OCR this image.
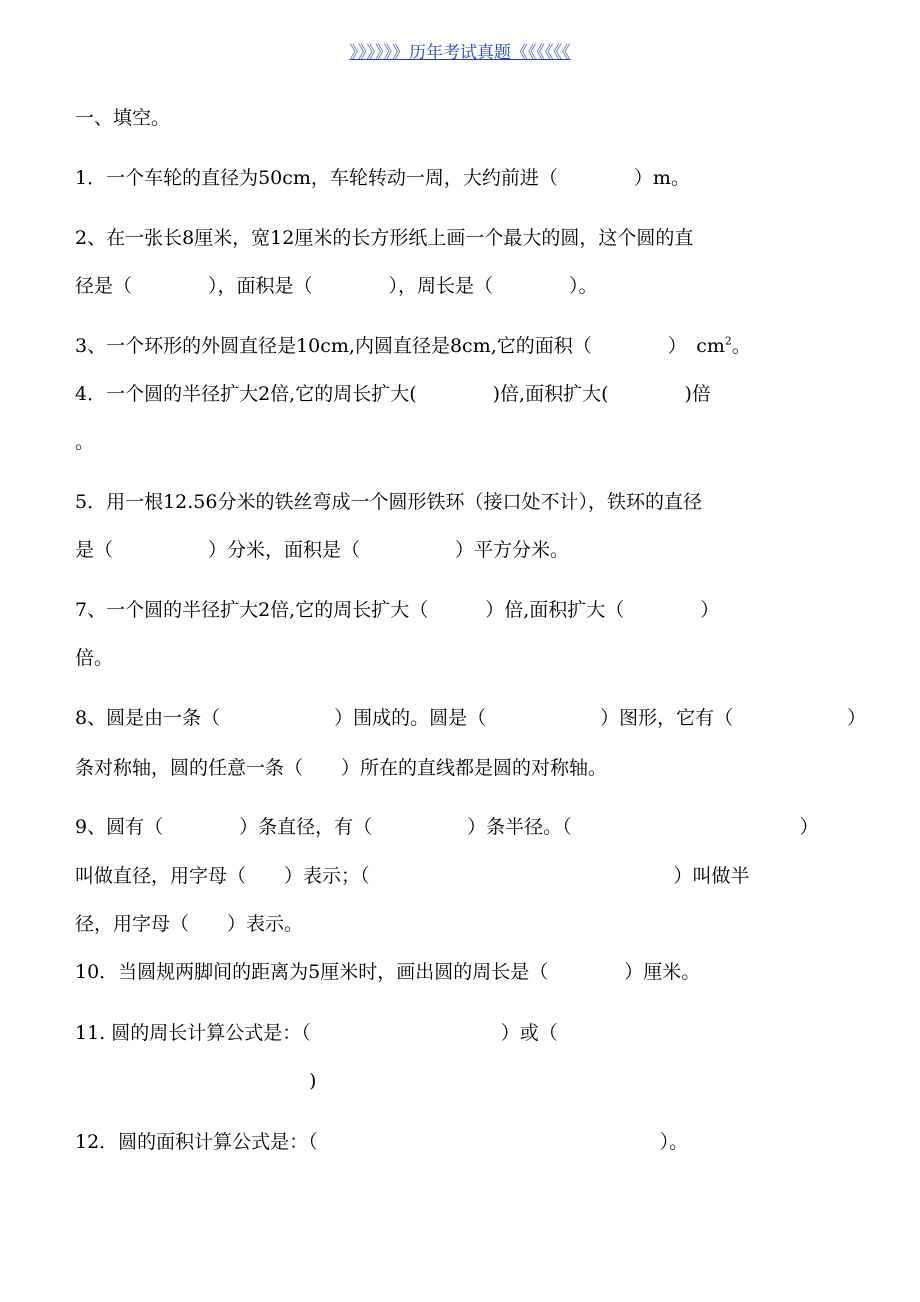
》》》》》》历年考试真题《《《《《《
一、填空。
1．一个车轮的直径为50cm，车轮转动一周，大约前进（　　　　）m。
2、在一张长8厘米，宽12厘米的长方形纸上画一个最大的圆，这个圆的直
径是（　　　　），面积是（　　　　），周长是（　　　　）。
3、一个环形的外圆直径是10cm,内圆直径是8cm,它的面积（　　　　）　$cm^2$。
4．一个圆的半径扩大2倍,它的周长扩大(　　　　)倍,面积扩大(　　　　)倍
。
5．用一根12.56分米的铁丝弯成一个圆形铁环（接口处不计），铁环的直径
是（　　　　　）分米，面积是（　　　　　）平方分米。
7、一个圆的半径扩大2倍,它的周长扩大（　　　）倍,面积扩大（　　　　）
倍。
8、圆是由一条（　　　　　　）围成的。圆是（　　　　　　）图形，它有（　　　　　　）
条对称轴，圆的任意一条（　　）所在的直线都是圆的对称轴。
9、圆有（　　　　）条直径，有（　　　　　）条半径。（　　　　　　　　　　　　）
叫做直径，用字母（　　）表示；（　　　　　　　　　　　　　　　　）叫做半
径，用字母（　　）表示。
10．当圆规两脚间的距离为5厘米时，画出圆的周长是（　　　　）厘米。
11. 圆的周长计算公式是：（　　　　　　　　　　）或（
　　　　　　　　　　　　 )
12．圆的面积计算公式是：（　　　　　　　　　　　　　　　　　　）。
